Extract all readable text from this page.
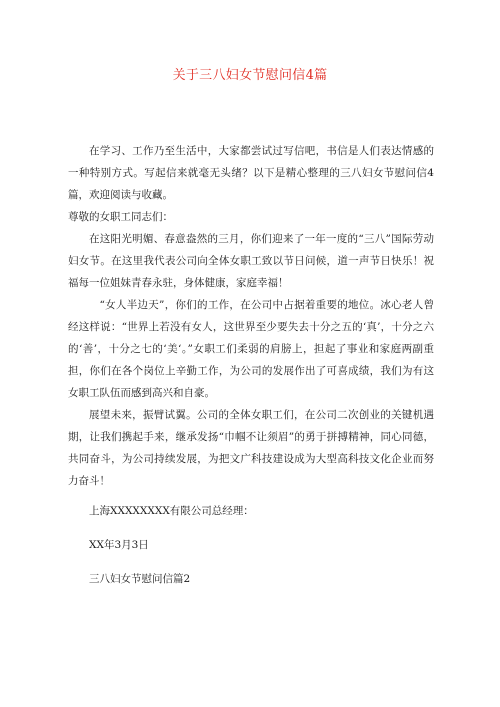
关于三八妇女节慰问信4篇

在学习、工作乃至生活中，大家都尝试过写信吧，书信是人们表达情感的一种特别方式。写起信来就毫无头绪？以下是精心整理的三八妇女节慰问信4篇，欢迎阅读与收藏。

尊敬的女职工同志们：

在这阳光明媚、春意盎然的三月，你们迎来了一年一度的“三八”国际劳动妇女节。在这里我代表公司向全体女职工致以节日问候，道一声节日快乐！祝福每一位姐妹青春永驻，身体健康，家庭幸福！

“女人半边天”，你们的工作，在公司中占据着重要的地位。冰心老人曾经这样说：“世界上若没有女人，这世界至少要失去十分之五的‘真’，十分之六的‘善’，十分之七的‘美‘。”女职工们柔弱的肩膀上，担起了事业和家庭两副重担，你们在各个岗位上辛勤工作，为公司的发展作出了可喜成绩，我们为有这女职工队伍而感到高兴和自豪。

展望未来，振臂试翼。公司的全体女职工们，在公司二次创业的关键机遇期，让我们携起手来，继承发扬“巾帼不让须眉”的勇于拼搏精神，同心同德，共同奋斗，为公司持续发展，为把文广科技建设成为大型高科技文化企业而努力奋斗！

上海XXXXXXXX有限公司总经理：

XX年3月3日

三八妇女节慰问信篇2
